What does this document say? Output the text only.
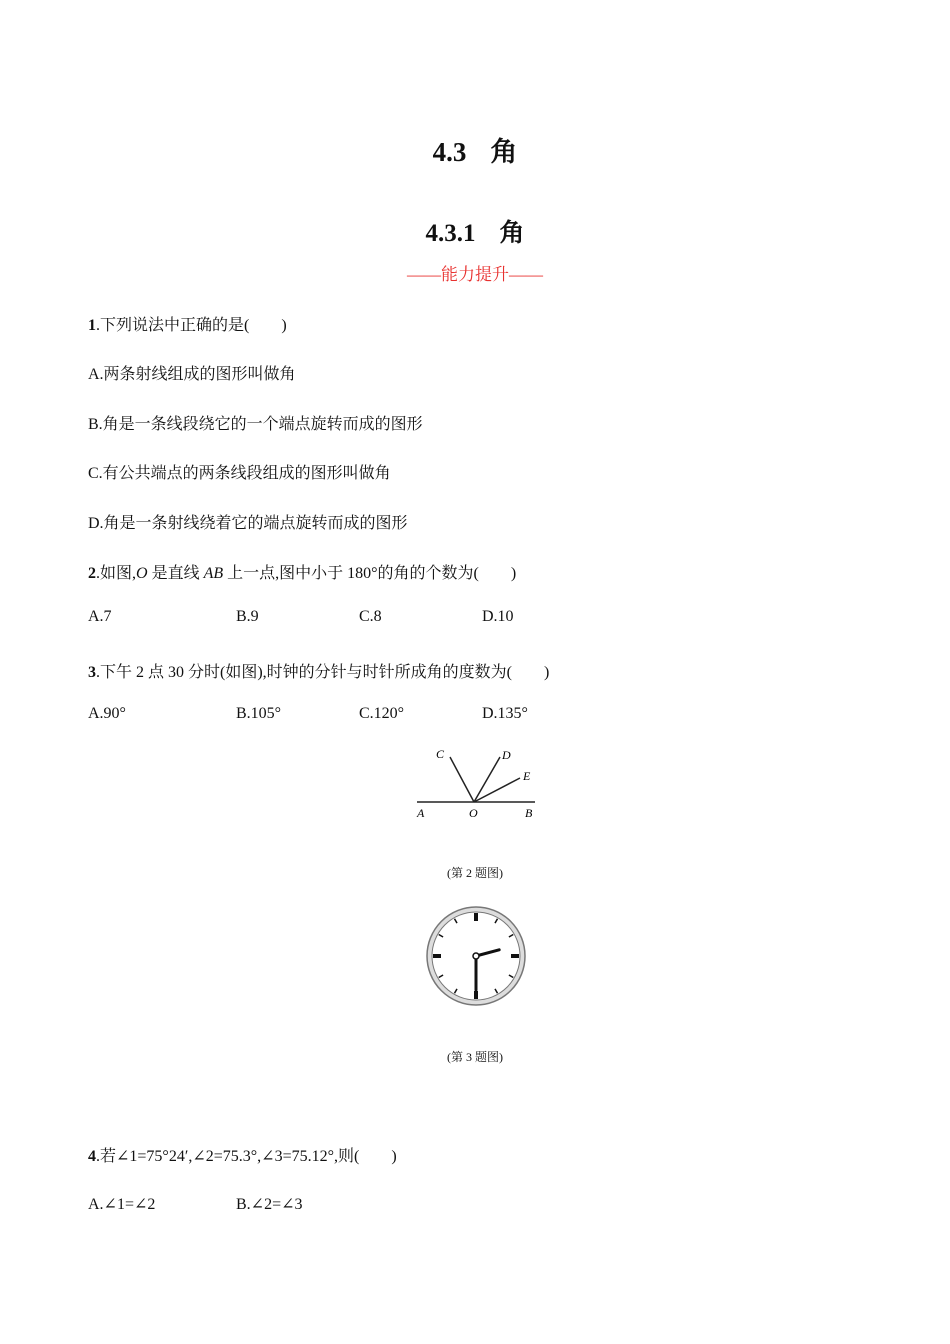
4.3 角
4.3.1 角
——能力提升——
1.下列说法中正确的是(　　)
A.两条射线组成的图形叫做角
B.角是一条线段绕它的一个端点旋转而成的图形
C.有公共端点的两条线段组成的图形叫做角
D.角是一条射线绕着它的端点旋转而成的图形
2.如图,O 是直线 AB 上一点,图中小于 180°的角的个数为(　　)
A.7	B.9	C.8	D.10
3.下午 2 点 30 分时(如图),时钟的分针与时针所成角的度数为(　　)
A.90°	B.105°	C.120°	D.135°
A	O	B
C	D
E
(第 2 题图)
(第 3 题图)
4.若∠1=75°24′,∠2=75.3°,∠3=75.12°,则(　　)
A.∠1=∠2	B.∠2=∠3
